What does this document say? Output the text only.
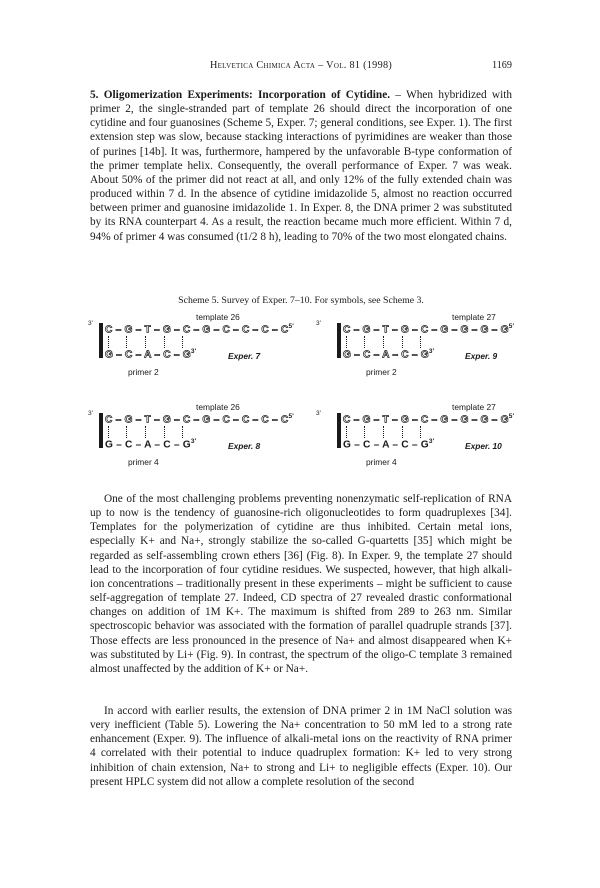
Helvetica Chimica Acta – Vol. 81 (1998)	1169

5. Oligomerization Experiments: Incorporation of Cytidine. – When hybridized with primer 2, the single-stranded part of template 26 should direct the incorporation of one cytidine and four guanosines (Scheme 5, Exper. 7; general conditions, see Exper. 1). The first extension step was slow, because stacking interactions of pyrimidines are weaker than those of purines [14b]. It was, furthermore, hampered by the unfavorable B-type conformation of the primer template helix. Consequently, the overall performance of Exper. 7 was weak. About 50% of the primer did not react at all, and only 12% of the fully extended chain was produced within 7 d. In the absence of cytidine imidazolide 5, almost no reaction occurred between primer and guanosine imidazolide 1. In Exper. 8, the DNA primer 2 was substituted by its RNA counterpart 4. As a result, the reaction became much more efficient. Within 7 d, 94% of primer 4 was consumed (t1/2 8 h), leading to 70% of the two most elongated chains.

Scheme 5. Survey of Exper. 7–10. For symbols, see Scheme 3.
template 26
3'
C – G – T – G – C – G – C – C – C – $C^{5'}$
G – C – A – C – $G^{3'}$	Exper. 7
primer 2
template 27
3'
C – G – T – G – C – G – G – G – $G^{5'}$
G – C – A – C – $G^{3'}$	Exper. 9
primer 2
template 26
3'
C – G – T – G – C – G – C – C – C – $C^{5'}$
G – C – A – C – $G^{3'}$	Exper. 8
primer 4
template 27
3'
C – G – T – G – C – G – G – G – $G^{5'}$
G – C – A – C – $G^{3'}$	Exper. 10
primer 4

One of the most challenging problems preventing nonenzymatic self-replication of RNA up to now is the tendency of guanosine-rich oligonucleotides to form quadruplexes [34]. Templates for the polymerization of cytidine are thus inhibited. Certain metal ions, especially K+ and Na+, strongly stabilize the so-called G-quartetts [35] which might be regarded as self-assembling crown ethers [36] (Fig. 8). In Exper. 9, the template 27 should lead to the incorporation of four cytidine residues. We suspected, however, that high alkali-ion concentrations – traditionally present in these experiments – might be sufficient to cause self-aggregation of template 27. Indeed, CD spectra of 27 revealed drastic conformational changes on addition of 1M K+. The maximum is shifted from 289 to 263 nm. Similar spectroscopic behavior was associated with the formation of parallel quadruple strands [37]. Those effects are less pronounced in the presence of Na+ and almost disappeared when K+ was substituted by Li+ (Fig. 9). In contrast, the spectrum of the oligo-C template 3 remained almost unaffected by the addition of K+ or Na+.

In accord with earlier results, the extension of DNA primer 2 in 1M NaCl solution was very inefficient (Table 5). Lowering the Na+ concentration to 50 mM led to a strong rate enhancement (Exper. 9). The influence of alkali-metal ions on the reactivity of RNA primer 4 correlated with their potential to induce quadruplex formation: K+ led to very strong inhibition of chain extension, Na+ to strong and Li+ to negligible effects (Exper. 10). Our present HPLC system did not allow a complete resolution of the second
